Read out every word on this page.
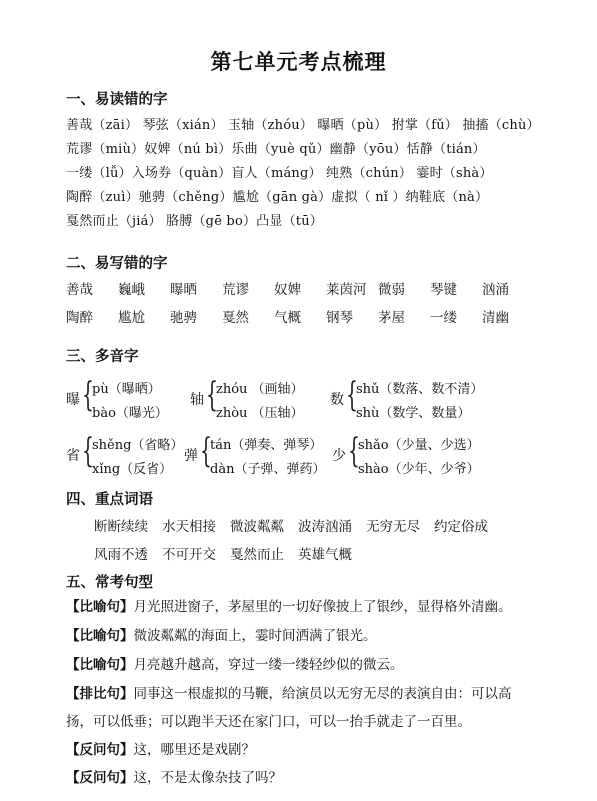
第七单元考点梳理
一、易读错的字
善哉（zāi） 琴弦（xián） 玉轴（zhóu） 曝晒（pù） 拊掌（fǔ） 抽搐（chù）
荒谬（miù）奴婢（nú bì）乐曲（yuè qǔ）幽静（yōu）恬静（tián）
一缕（lǚ）入场券（quàn）盲人（máng） 纯熟（chún） 霎时（shà）
陶醉（zuì）驰骋（chěng）尴尬（gān gà）虚拟（ nǐ ）纳鞋底（nà）
戛然而止（jiá） 胳膊（gē bo）凸显（tū）
二、易写错的字
善哉 巍峨 曝晒 荒谬 奴婢 莱茵河 微弱 琴键 汹涌
陶醉 尴尬 驰骋 戛然 气概 钢琴 茅屋 一缕 清幽
三、多音字
曝 {
pù（曝晒）
bào（曝光）
轴 {
zhóu （画轴）
zhòu （压轴）
数 {
shǔ（数落、数不清）
shù（数学、数量）
省 {
shěng（省略）
xǐng（反省）
弹 {
tán（弹奏、弹琴）
dàn（子弹、弹药）
少 {
shǎo（少量、少选）
shào（少年、少爷）
四、重点词语
断断续续 水天相接 微波粼粼 波涛汹涌 无穷无尽 约定俗成
风雨不透 不可开交 戛然而止 英雄气概
五、常考句型
【比喻句】月光照进窗子，茅屋里的一切好像披上了银纱，显得格外清幽。
【比喻句】微波粼粼的海面上，霎时间洒满了银光。
【比喻句】月亮越升越高，穿过一缕一缕轻纱似的微云。
【排比句】同事这一根虚拟的马鞭，给演员以无穷无尽的表演自由：可以高
扬，可以低垂；可以跑半天还在家门口，可以一抬手就走了一百里。
【反问句】这，哪里还是戏剧？
【反问句】这，不是太像杂技了吗？
